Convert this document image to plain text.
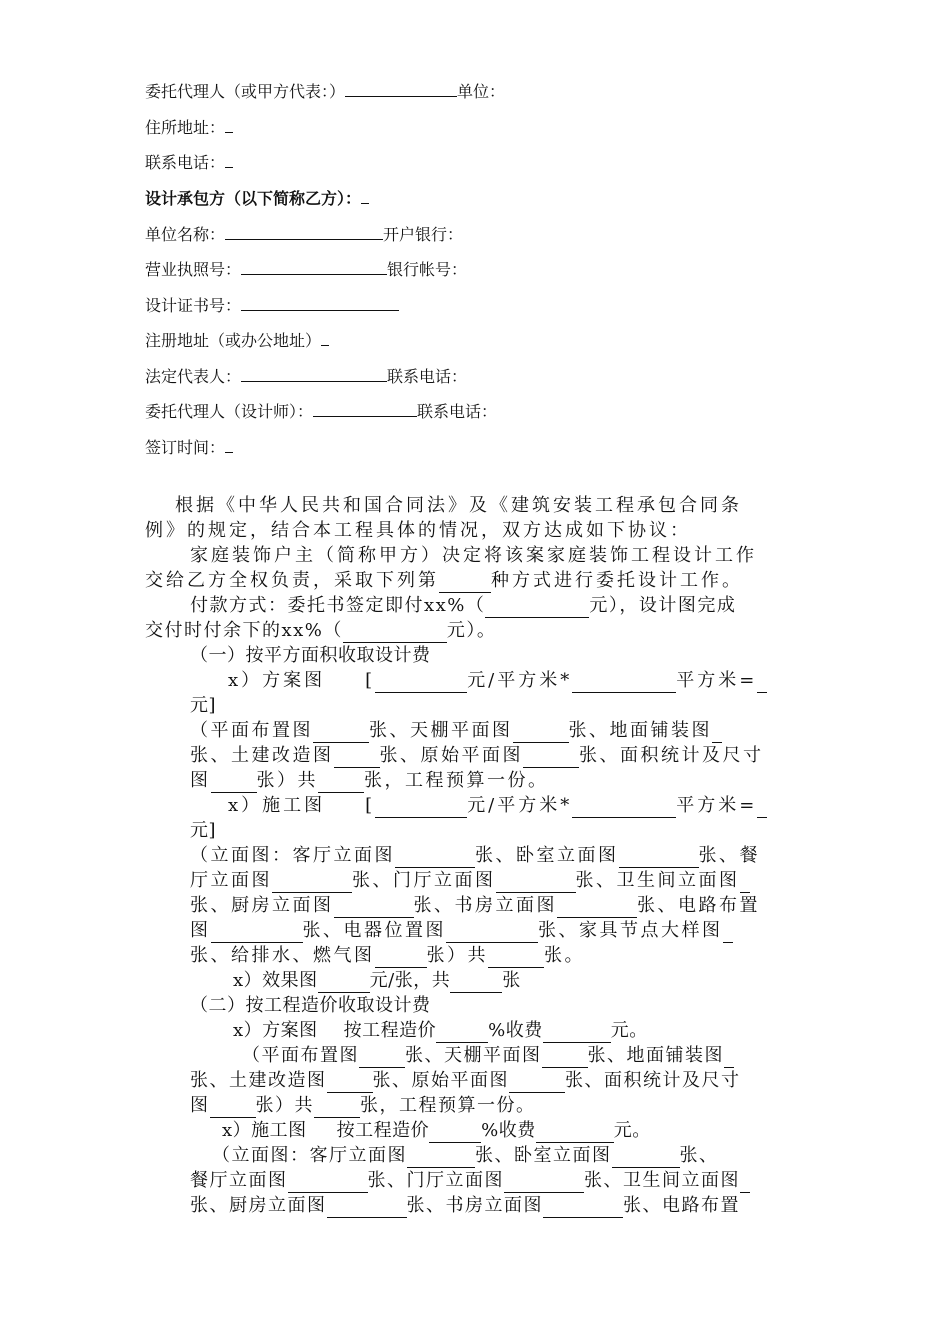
委托代理人（或甲方代表：）	单位：
住所地址：
联系电话：
设计承包方（以下简称乙方）：
单位名称：	开户银行：
营业执照号：	银行帐号：
设计证书号：
注册地址（或办公地址）
法定代表人：	联系电话：
委托代理人（设计师）：	联系电话：
签订时间：
根据《中华人民共和国合同法》及《建筑安装工程承包合同条
例》的规定，结合本工程具体的情况，双方达成如下协议：
家庭装饰户主（简称甲方）决定将该案家庭装饰工程设计工作
交给乙方全权负责，采取下列第	种方式进行委托设计工作。
付款方式：委托书签定即付xx%（	元），设计图完成
交付时付余下的xx%（	元）。
（一）按平方面积收取设计费
x）方案图 [	元/平方米*	平方米=
元]
（平面布置图	张、天棚平面图	张、地面铺装图
张、土建改造图	张、原始平面图	张、面积统计及尺寸
图	张）共	张，工程预算一份。
x）施工图 [	元/平方米*	平方米=
元]
（立面图：客厅立面图	张、卧室立面图	张、餐
厅立面图	张、门厅立面图	张、卫生间立面图
张、厨房立面图	张、书房立面图	张、电路布置
图	张、电器位置图	张、家具节点大样图
张、给排水、燃气图	张）共	张。
x）效果图	元/张，共	张
（二）按工程造价收取设计费
x）方案图 按工程造价	%收费	元。
（平面布置图	张、天棚平面图	张、地面铺装图
张、土建改造图	张、原始平面图	张、面积统计及尺寸
图	张）共	张，工程预算一份。
x）施工图 按工程造价	%收费	元。
（立面图：客厅立面图	张、卧室立面图	张、
餐厅立面图	张、门厅立面图	张、卫生间立面图
张、厨房立面图	张、书房立面图	张、电路布置
